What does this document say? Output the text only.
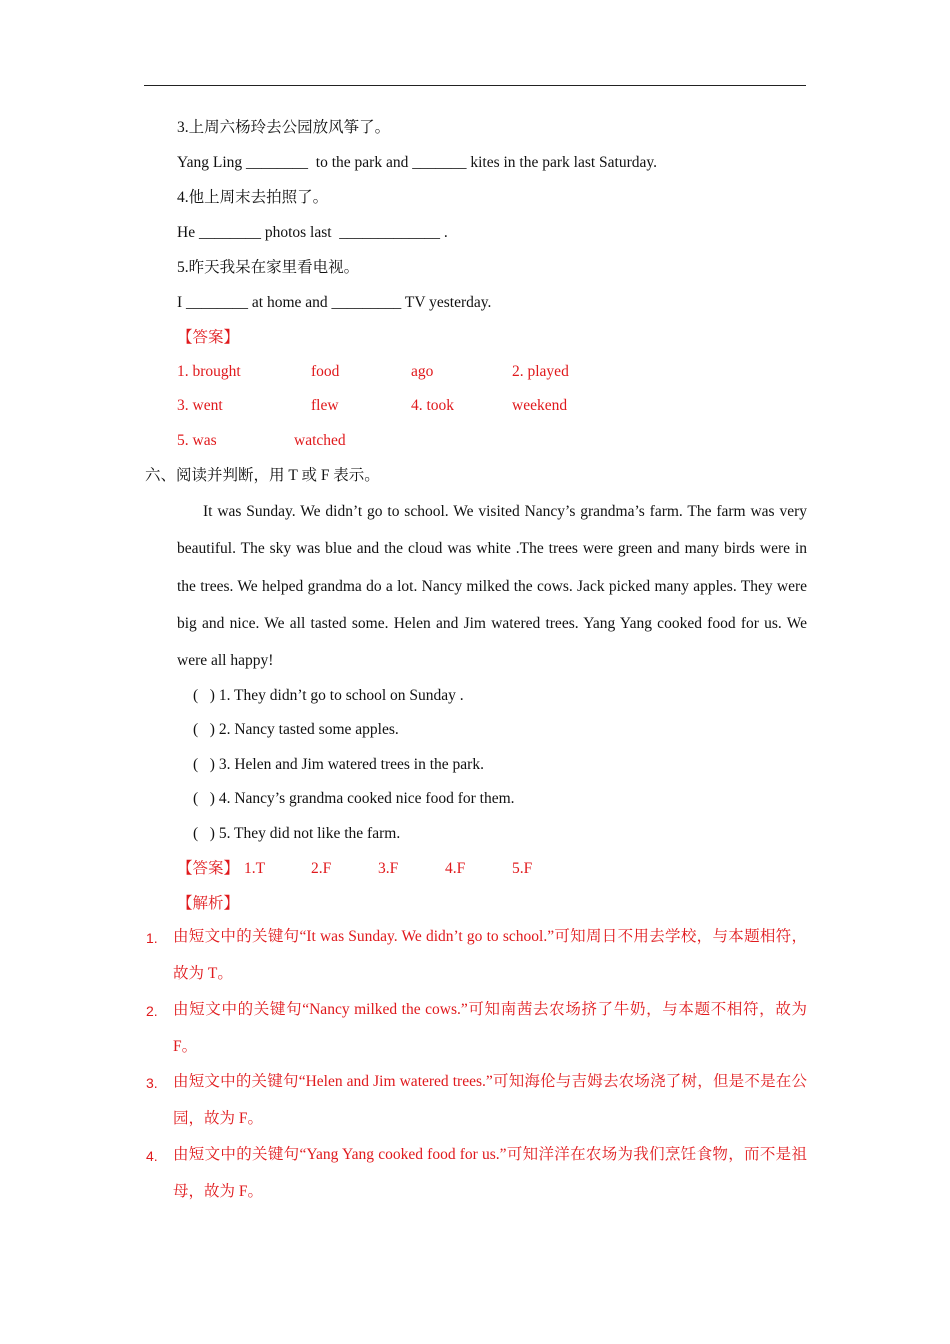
3.上周六杨玲去公园放风筝了。
Yang Ling ________  to the park and _______ kites in the park last Saturday.
4.他上周末去拍照了。
He ________ photos last  _____________ .
5.昨天我呆在家里看电视。
I ________ at home and _________ TV yesterday.
【答案】
1. brought	food	ago	2. played
3. went	flew	4. took	weekend
5. was	watched
六、阅读并判断，用 T 或 F 表示。
It was Sunday. We didn’t go to school. We visited Nancy’s grandma’s farm. The farm was very beautiful. The sky was blue and the cloud was white .The trees were green and many birds were in the trees. We helped grandma do a lot. Nancy milked the cows. Jack picked many apples. They were big and nice. We all tasted some. Helen and Jim watered trees. Yang Yang cooked food for us. We were all happy!
(   ) 1. They didn’t go to school on Sunday .
(   ) 2. Nancy tasted some apples.
(   ) 3. Helen and Jim watered trees in the park.
(   ) 4. Nancy’s grandma cooked nice food for them.
(   ) 5. They did not like the farm.
【答案】 1.T	2.F	3.F	4.F	5.F
【解析】
1. 由短文中的关键句“It was Sunday. We didn’t go to school.”可知周日不用去学校，与本题相符，故为 T。
2. 由短文中的关键句“Nancy milked the cows.”可知南茜去农场挤了牛奶，与本题不相符，故为 F。
3. 由短文中的关键句“Helen and Jim watered trees.”可知海伦与吉姆去农场浇了树，但是不是在公园，故为 F。
4. 由短文中的关键句“Yang Yang cooked food for us.”可知洋洋在农场为我们烹饪食物，而不是祖母，故为 F。
